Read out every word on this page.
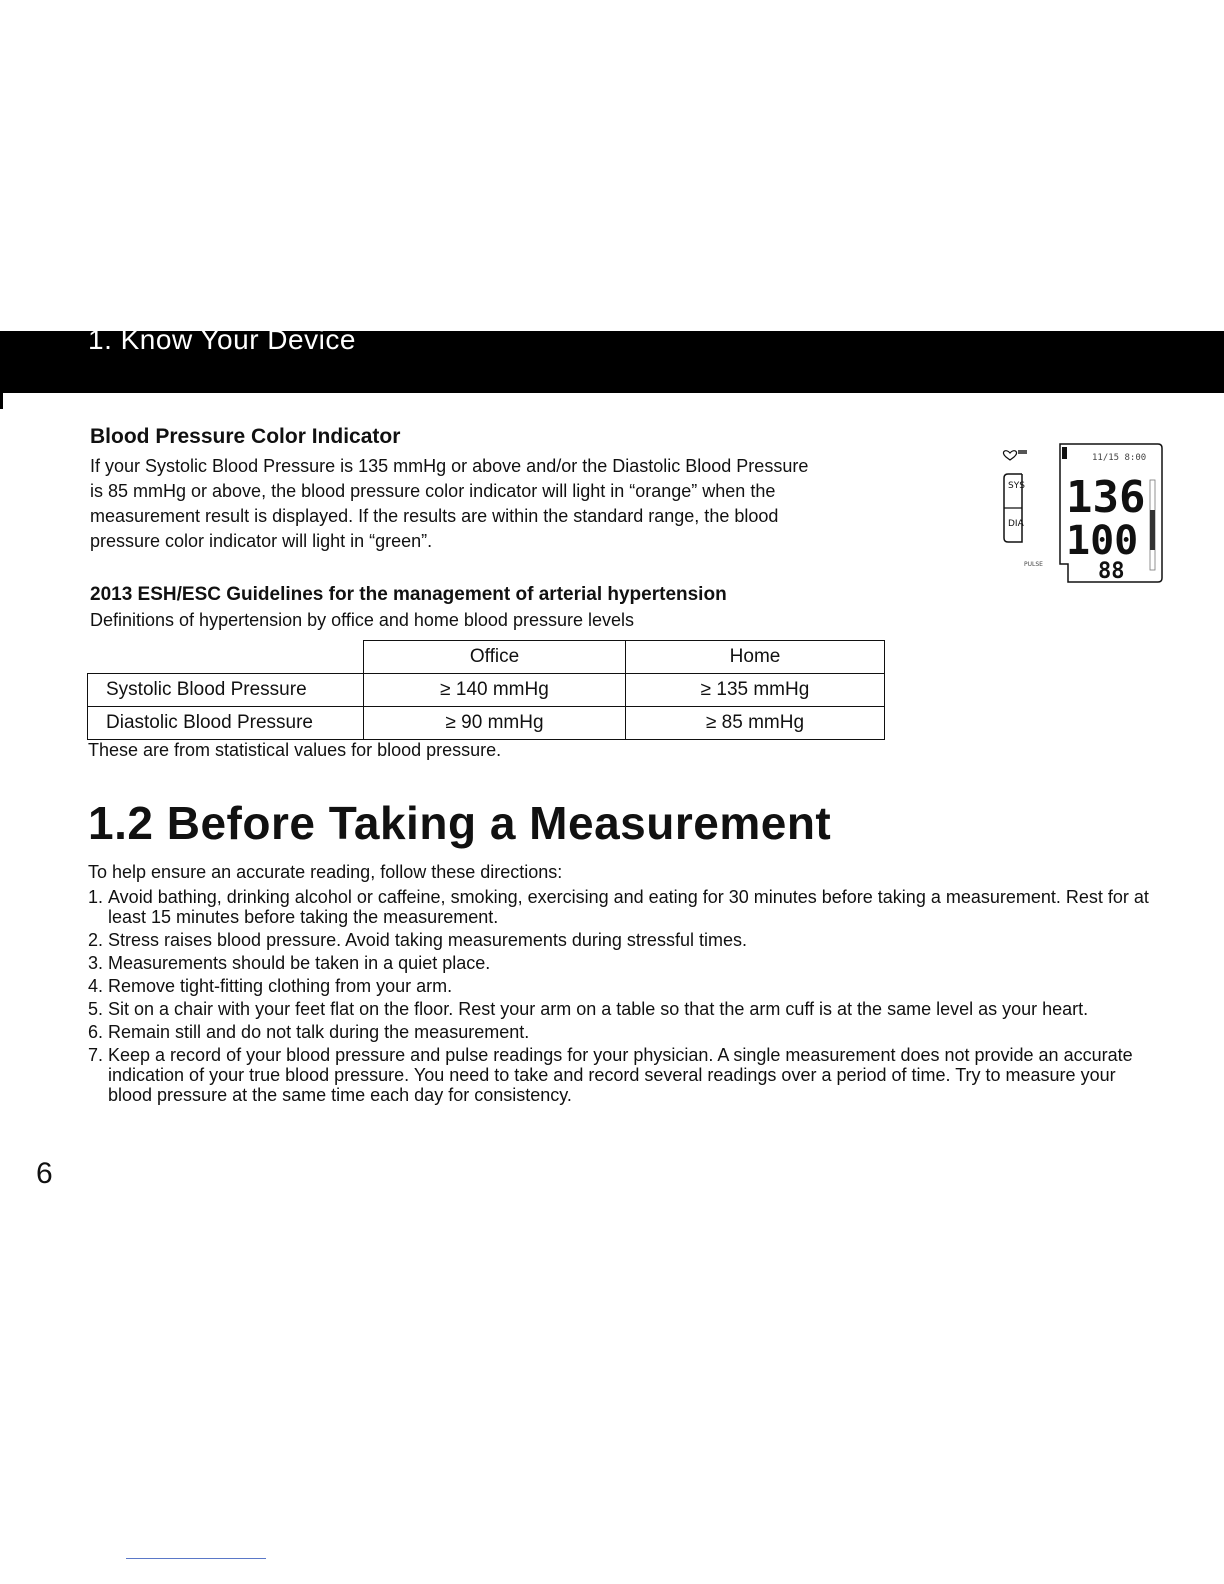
1. Know Your Device
Blood Pressure Color Indicator
If your Systolic Blood Pressure is 135 mmHg or above and/or the Diastolic Blood Pressure
is 85 mmHg or above, the blood pressure color indicator will light in “orange” when the
measurement result is displayed. If the results are within the standard range, the blood
pressure color indicator will light in “green”.
11/15 8:00
SYS
DIA
PULSE
136
100
88
2013 ESH/ESC Guidelines for the management of arterial hypertension
Definitions of hypertension by office and home blood pressure levels
	Office	Home
Systolic Blood Pressure	≥ 140 mmHg	≥ 135 mmHg
Diastolic Blood Pressure	≥ 90 mmHg	≥ 85 mmHg
These are from statistical values for blood pressure.
1.2 Before Taking a Measurement
To help ensure an accurate reading, follow these directions:
1. Avoid bathing, drinking alcohol or caffeine, smoking, exercising and eating for 30 minutes before taking a measurement. Rest for at least 15 minutes before taking the measurement.
2. Stress raises blood pressure. Avoid taking measurements during stressful times.
3. Measurements should be taken in a quiet place.
4. Remove tight-fitting clothing from your arm.
5. Sit on a chair with your feet flat on the floor. Rest your arm on a table so that the arm cuff is at the same level as your heart.
6. Remain still and do not talk during the measurement.
7. Keep a record of your blood pressure and pulse readings for your physician. A single measurement does not provide an accurate indication of your true blood pressure. You need to take and record several readings over a period of time. Try to measure your blood pressure at the same time each day for consistency.
6
